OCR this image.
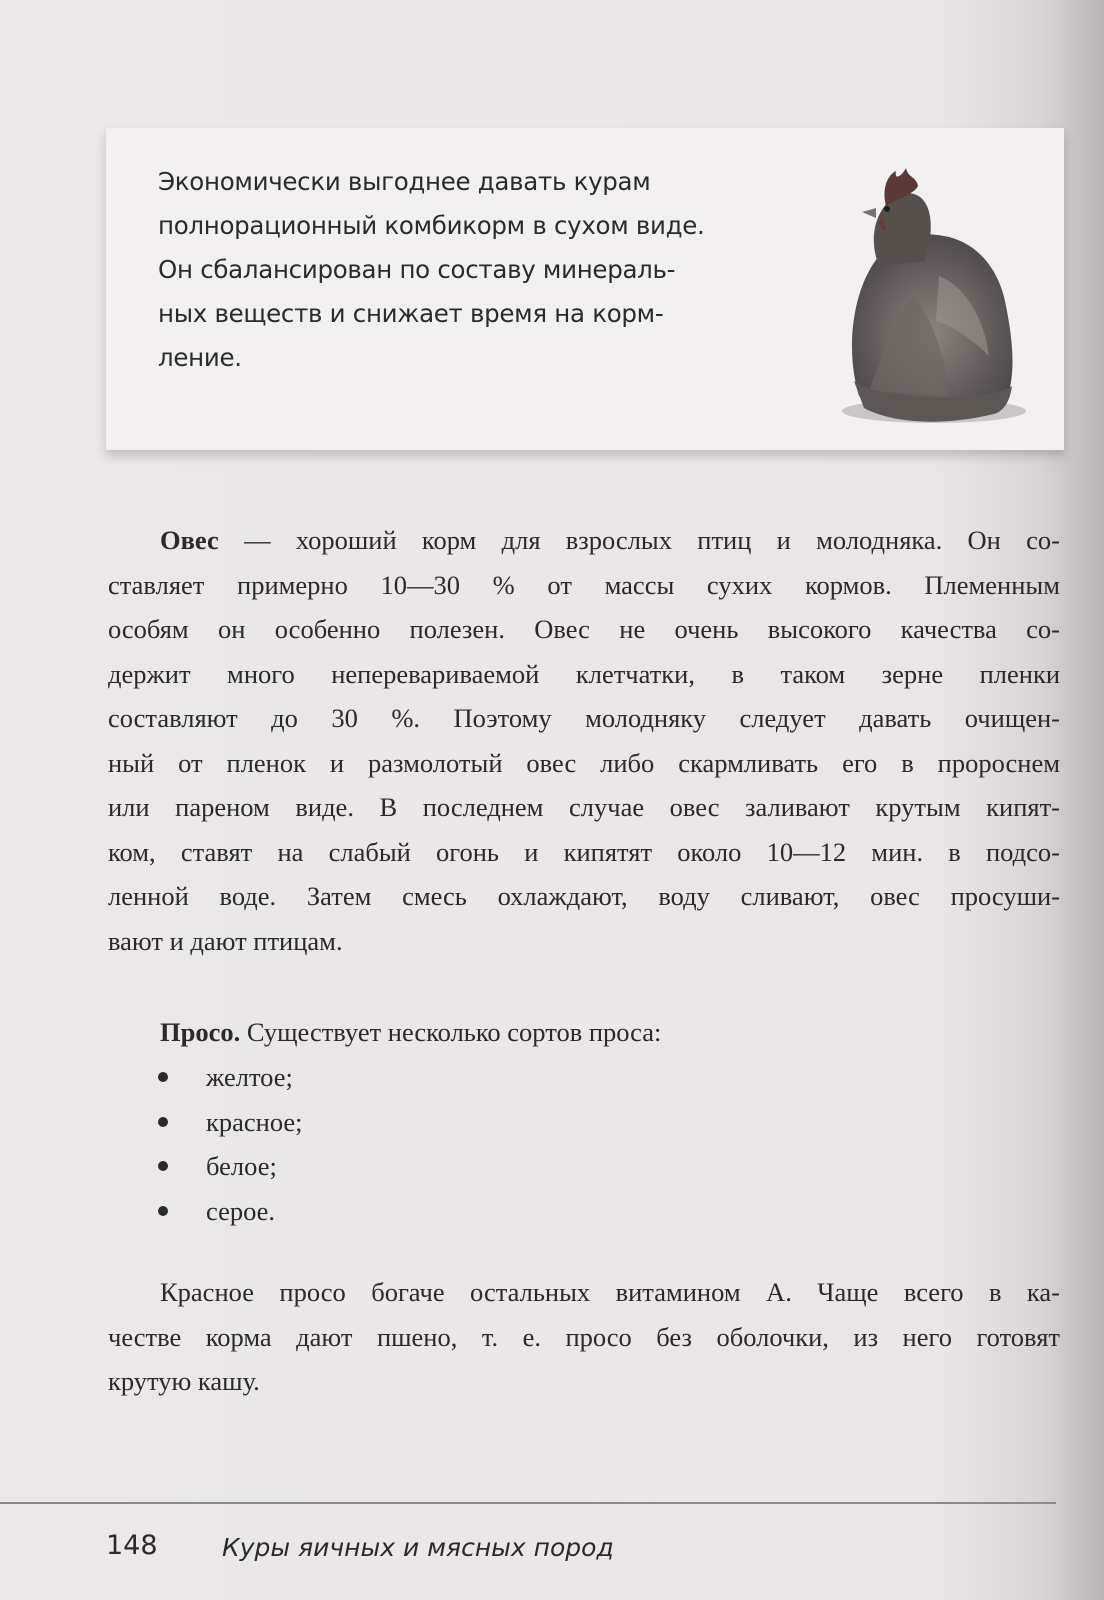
Экономически выгоднее давать курам
полнорационный комбикорм в сухом виде.
Он сбалансирован по составу минераль-
ных веществ и снижает время на корм-
ление.
Овес — хороший корм для взрослых птиц и молодняка. Он со-
ставляет примерно 10—30 % от массы сухих кормов. Племенным
особям он особенно полезен. Овес не очень высокого качества со-
держит много неперевариваемой клетчатки, в таком зерне пленки
составляют до 30 %. Поэтому молодняку следует давать очищен-
ный от пленок и размолотый овес либо скармливать его в пророснем
или пареном виде. В последнем случае овес заливают крутым кипят-
ком, ставят на слабый огонь и кипятят около 10—12 мин. в подсо-
ленной воде. Затем смесь охлаждают, воду сливают, овес просуши-
вают и дают птицам.
Просо. Существует несколько сортов проса:
желтое;
красное;
белое;
серое.
Красное просо богаче остальных витамином А. Чаще всего в ка-
честве корма дают пшено, т. е. просо без оболочки, из него готовят
крутую кашу.
148	Куры яичных и мясных пород
